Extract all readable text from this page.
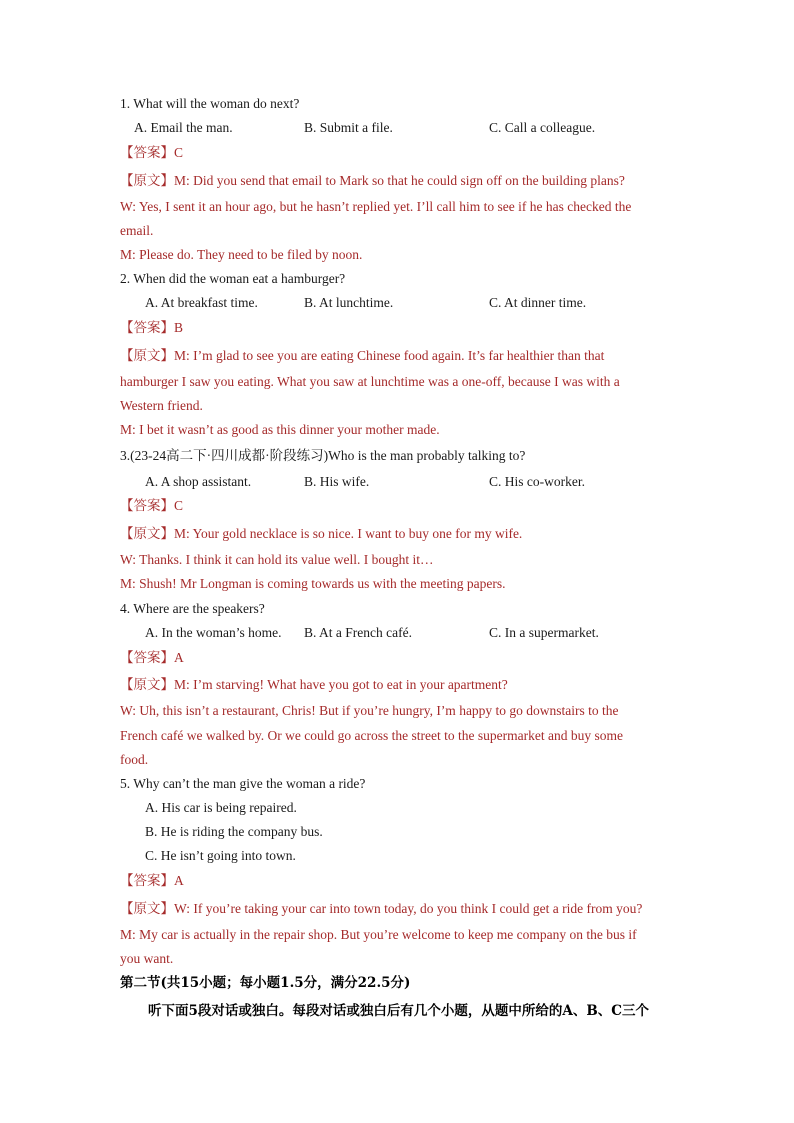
1. What will the woman do next?
A. Email the man.	B. Submit a file.	C. Call a colleague.
【答案】C
【原文】M: Did you send that email to Mark so that he could sign off on the building plans?
W: Yes, I sent it an hour ago, but he hasn’t replied yet. I’ll call him to see if he has checked the
email.
M: Please do. They need to be filed by noon.
2. When did the woman eat a hamburger?
A. At breakfast time.	B. At lunchtime.	C. At dinner time.
【答案】B
【原文】M: I’m glad to see you are eating Chinese food again. It’s far healthier than that
hamburger I saw you eating. What you saw at lunchtime was a one-off, because I was with a
Western friend.
M: I bet it wasn’t as good as this dinner your mother made.
3.(23-24高二下·四川成都·阶段练习)Who is the man probably talking to?
A. A shop assistant.	B. His wife.	C. His co-worker.
【答案】C
【原文】M: Your gold necklace is so nice. I want to buy one for my wife.
W: Thanks. I think it can hold its value well. I bought it…
M: Shush! Mr Longman is coming towards us with the meeting papers.
4. Where are the speakers?
A. In the woman’s home. B. At a French café.	C. In a supermarket.
【答案】A
【原文】M: I’m starving! What have you got to eat in your apartment?
W: Uh, this isn’t a restaurant, Chris! But if you’re hungry, I’m happy to go downstairs to the
French café we walked by. Or we could go across the street to the supermarket and buy some
food.
5. Why can’t the man give the woman a ride?
A. His car is being repaired.
B. He is riding the company bus.
C. He isn’t going into town.
【答案】A
【原文】W: If you’re taking your car into town today, do you think I could get a ride from you?
M: My car is actually in the repair shop. But you’re welcome to keep me company on the bus if
you want.
第二节(共15小题；每小题1.5分，满分22.5分)
听下面5段对话或独白。每段对话或独白后有几个小题，从题中所给的A、B、C三个
